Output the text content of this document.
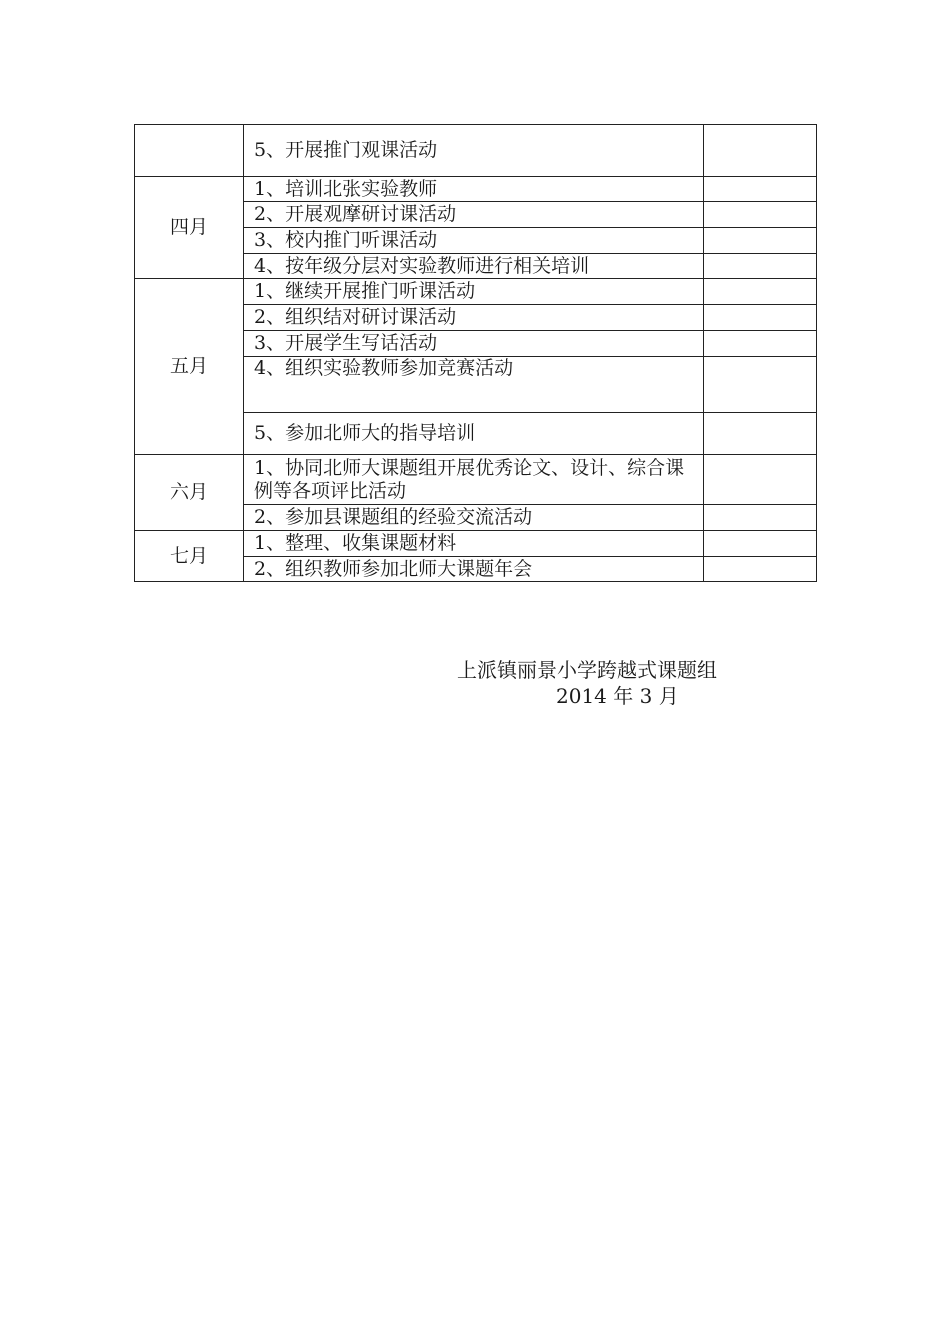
	5、开展推门观课活动	
四月	1、培训北张实验教师	
	2、开展观摩研讨课活动	
	3、校内推门听课活动	
	4、按年级分层对实验教师进行相关培训	
五月	1、继续开展推门听课活动	
	2、组织结对研讨课活动	
	3、开展学生写话活动	
	4、组织实验教师参加竞赛活动	
	5、参加北师大的指导培训	
六月	1、协同北师大课题组开展优秀论文、设计、综合课例等各项评比活动	
	2、参加县课题组的经验交流活动	
七月	1、整理、收集课题材料	
	2、组织教师参加北师大课题年会	
上派镇丽景小学跨越式课题组
2014 年 3 月
